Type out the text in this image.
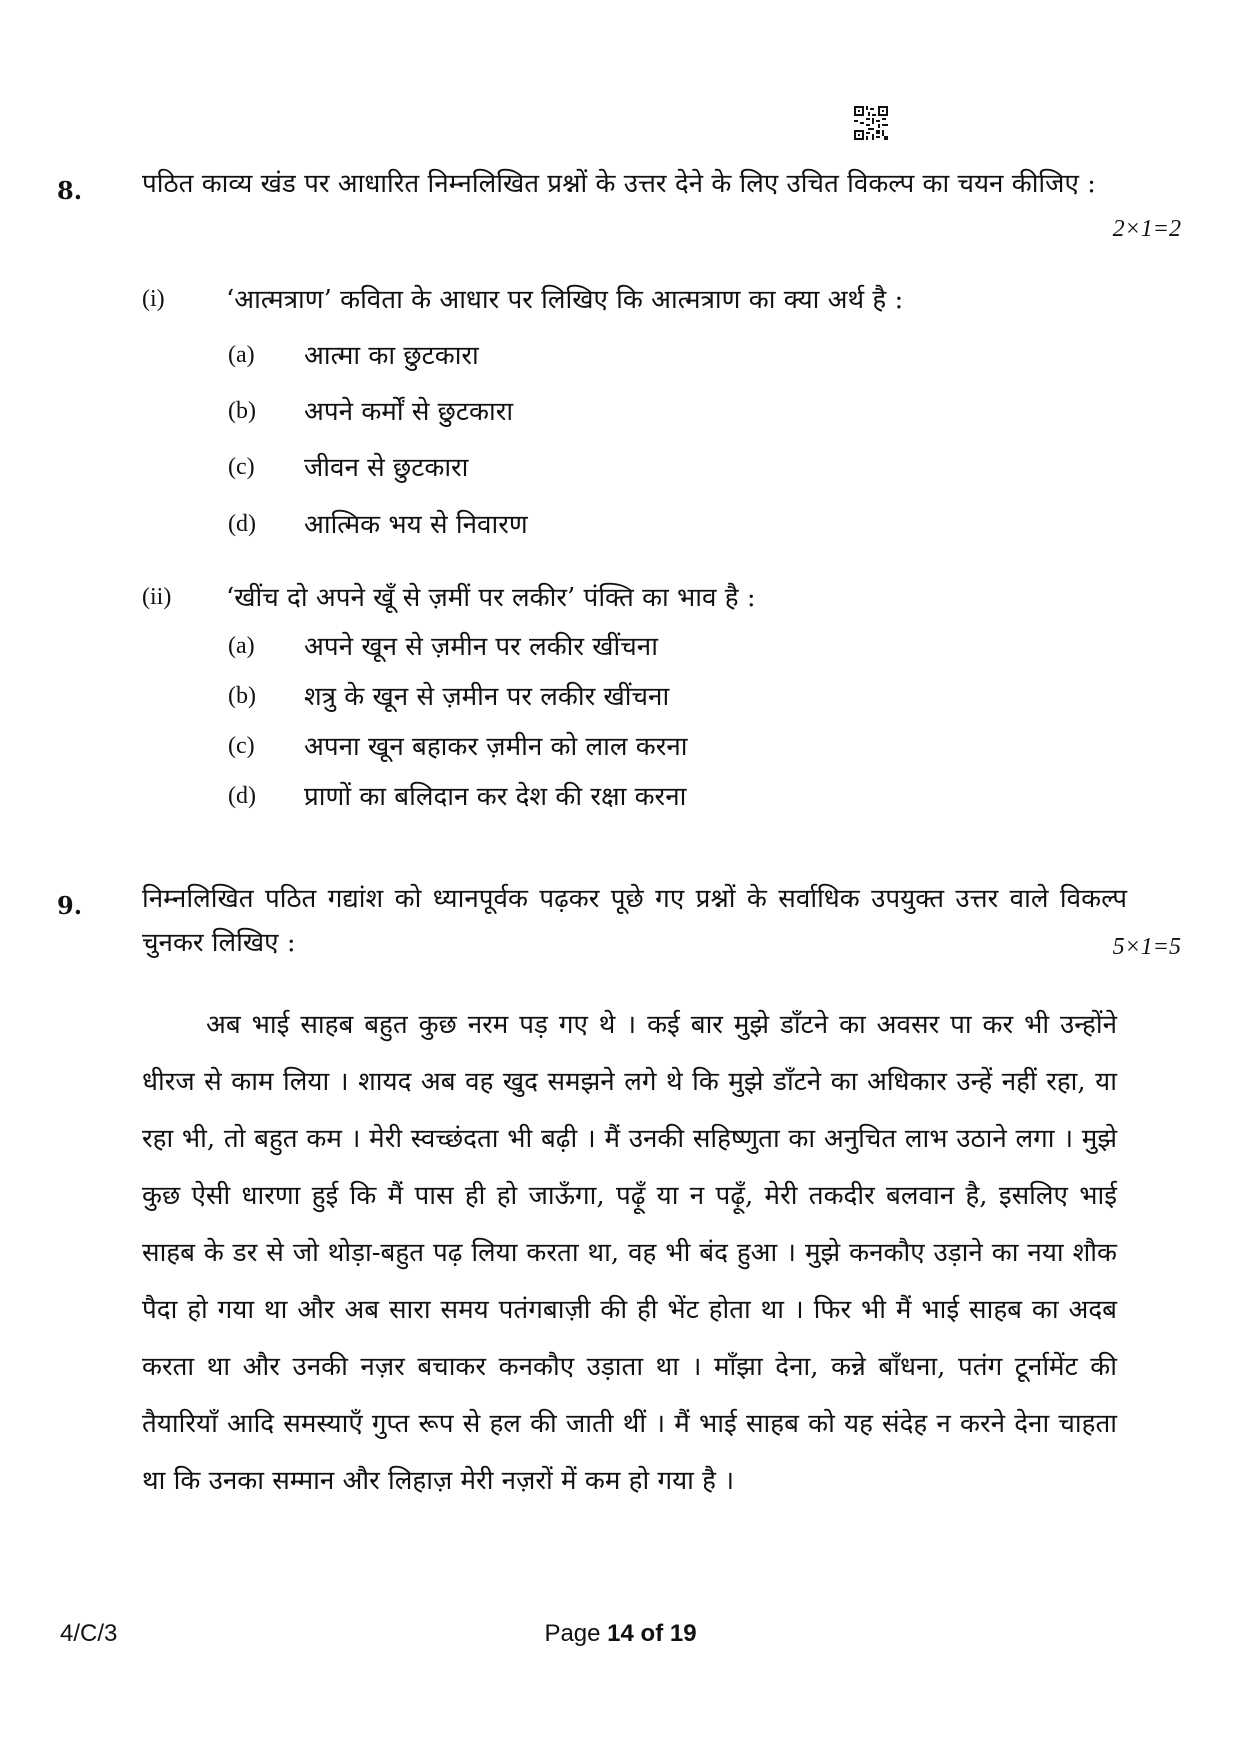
8. पठित काव्य खंड पर आधारित निम्नलिखित प्रश्नों के उत्तर देने के लिए उचित विकल्प का चयन कीजिए :
2×1=2
(i) ‘आत्मत्राण’ कविता के आधार पर लिखिए कि आत्मत्राण का क्या अर्थ है :
(a) आत्मा का छुटकारा
(b) अपने कर्मों से छुटकारा
(c) जीवन से छुटकारा
(d) आत्मिक भय से निवारण
(ii) ‘खींच दो अपने खूँ से ज़मीं पर लकीर’ पंक्ति का भाव है :
(a) अपने खून से ज़मीन पर लकीर खींचना
(b) शत्रु के खून से ज़मीन पर लकीर खींचना
(c) अपना खून बहाकर ज़मीन को लाल करना
(d) प्राणों का बलिदान कर देश की रक्षा करना
9. निम्नलिखित पठित गद्यांश को ध्यानपूर्वक पढ़कर पूछे गए प्रश्नों के सर्वाधिक उपयुक्त उत्तर वाले विकल्प चुनकर लिखिए :	5×1=5

अब भाई साहब बहुत कुछ नरम पड़ गए थे । कई बार मुझे डाँटने का अवसर पा कर भी उन्होंने धीरज से काम लिया । शायद अब वह खुद समझने लगे थे कि मुझे डाँटने का अधिकार उन्हें नहीं रहा, या रहा भी, तो बहुत कम । मेरी स्वच्छंदता भी बढ़ी । मैं उनकी सहिष्णुता का अनुचित लाभ उठाने लगा । मुझे कुछ ऐसी धारणा हुई कि मैं पास ही हो जाऊँगा, पढ़ूँ या न पढ़ूँ, मेरी तकदीर बलवान है, इसलिए भाई साहब के डर से जो थोड़ा-बहुत पढ़ लिया करता था, वह भी बंद हुआ । मुझे कनकौए उड़ाने का नया शौक पैदा हो गया था और अब सारा समय पतंगबाज़ी की ही भेंट होता था । फिर भी मैं भाई साहब का अदब करता था और उनकी नज़र बचाकर कनकौए उड़ाता था । माँझा देना, कन्ने बाँधना, पतंग टूर्नामेंट की तैयारियाँ आदि समस्याएँ गुप्त रूप से हल की जाती थीं । मैं भाई साहब को यह संदेह न करने देना चाहता था कि उनका सम्मान और लिहाज़ मेरी नज़रों में कम हो गया है ।

4/C/3	Page 14 of 19
